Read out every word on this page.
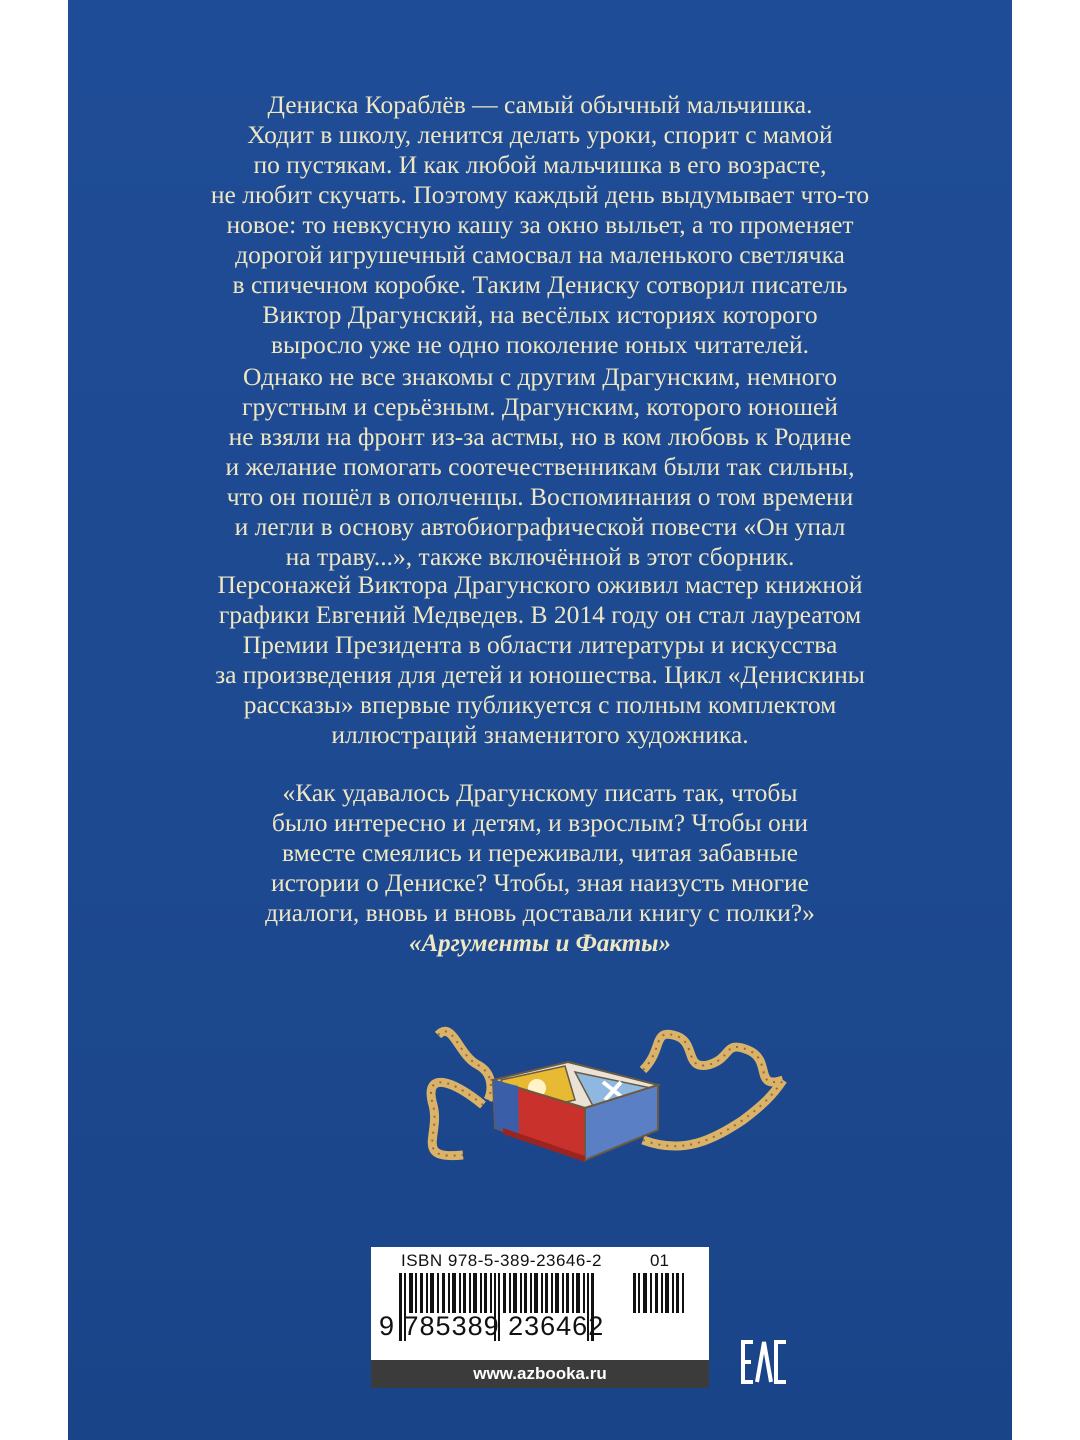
Дениска Кораблёв — самый обычный мальчишка.
Ходит в школу, ленится делать уроки, спорит с мамой
по пустякам. И как любой мальчишка в его возрасте,
не любит скучать. Поэтому каждый день выдумывает что-то
новое: то невкусную кашу за окно выльет, а то променяет
дорогой игрушечный самосвал на маленького светлячка
в спичечном коробке. Таким Дениску сотворил писатель
Виктор Драгунский, на весёлых историях которого
выросло уже не одно поколение юных читателей.

Однако не все знакомы с другим Драгунским, немного
грустным и серьёзным. Драгунским, которого юношей
не взяли на фронт из-за астмы, но в ком любовь к Родине
и желание помогать соотечественникам были так сильны,
что он пошёл в ополченцы. Воспоминания о том времени
и легли в основу автобиографической повести «Он упал
на траву...», также включённой в этот сборник.

Персонажей Виктора Драгунского оживил мастер книжной
графики Евгений Медведев. В 2014 году он стал лауреатом
Премии Президента в области литературы и искусства
за произведения для детей и юношества. Цикл «Денискины
рассказы» впервые публикуется с полным комплектом
иллюстраций знаменитого художника.

«Как удавалось Драгунскому писать так, чтобы
было интересно и детям, и взрослым? Чтобы они
вместе смеялись и переживали, читая забавные
истории о Дениске? Чтобы, зная наизусть многие
диалоги, вновь и вновь доставали книгу с полки?»

«Аргументы и Факты»
ISBN 978-5-389-23646-2	01
9 785389 236462
www.azbooka.ru
